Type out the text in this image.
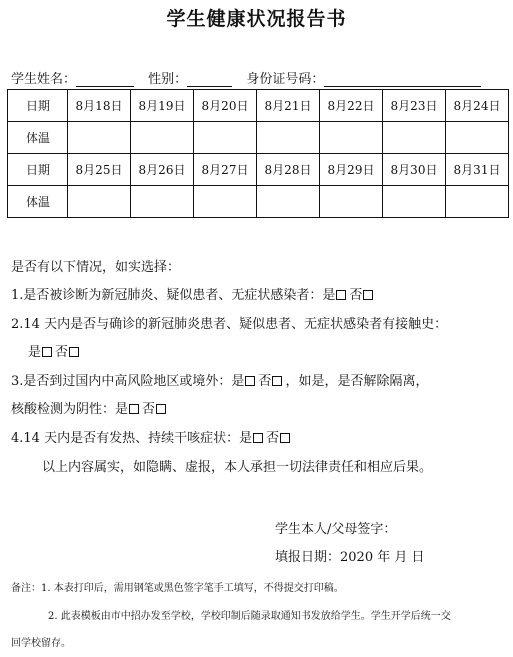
学生健康状况报告书
学生姓名：	性别：	身份证号码：
日期	8月18日	8月19日	8月20日	8月21日	8月22日	8月23日	8月24日
体温							
日期	8月25日	8月26日	8月27日	8月28日	8月29日	8月30日	8月31日
体温							
是否有以下情况，如实选择：
1.是否被诊断为新冠肺炎、疑似患者、无症状感染者：是 否
2.14 天内是否与确诊的新冠肺炎患者、疑似患者、无症状感染者有接触史：
是 否
3.是否到过国内中高风险地区或境外：是 否 ，如是，是否解除隔离，
核酸检测为阴性：是 否
4.14 天内是否有发热、持续干咳症状：是 否
以上内容属实，如隐瞒、虚报，本人承担一切法律责任和相应后果。
学生本人/父母签字：
填报日期：2020 年 月 日
备注：1. 本表打印后，需用钢笔或黑色签字笔手工填写，不得提交打印稿。
2. 此表模板由市中招办发至学校，学校印制后随录取通知书发放给学生。学生开学后统一交
回学校留存。
